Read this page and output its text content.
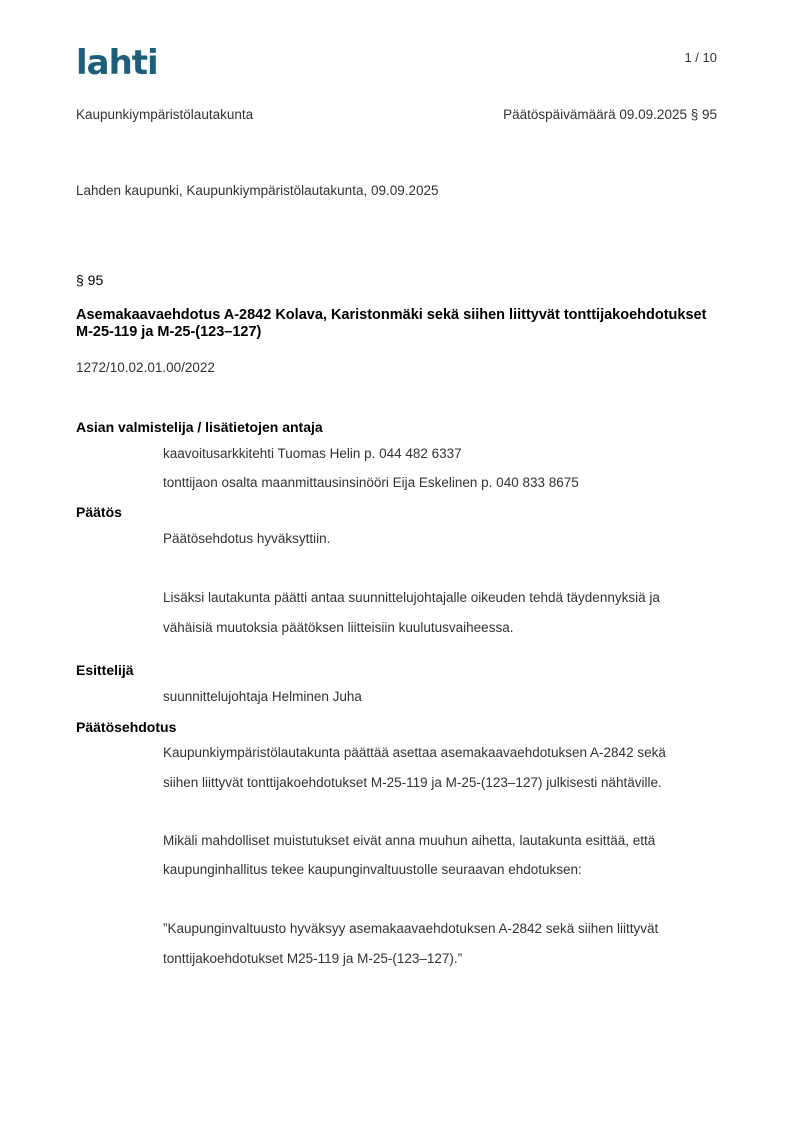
lahti	1 / 10
Kaupunkiympäristölautakunta	Päätöspäivämäärä 09.09.2025 § 95
Lahden kaupunki, Kaupunkiympäristölautakunta, 09.09.2025
§ 95
Asemakaavaehdotus A-2842 Kolava, Karistonmäki sekä siihen liittyvät tonttijakoehdotukset M-25-119 ja M-25-(123–127)
1272/10.02.01.00/2022
Asian valmistelija / lisätietojen antaja
kaavoitusarkkitehti Tuomas Helin p. 044 482 6337
tonttijaon osalta maanmittausinsinööri Eija Eskelinen p. 040 833 8675
Päätös
Päätösehdotus hyväksyttiin.
Lisäksi lautakunta päätti antaa suunnittelujohtajalle oikeuden tehdä täydennyksiä ja
vähäisiä muutoksia päätöksen liitteisiin kuulutusvaiheessa.
Esittelijä
suunnittelujohtaja Helminen Juha
Päätösehdotus
Kaupunkiympäristölautakunta päättää asettaa asemakaavaehdotuksen A-2842 sekä
siihen liittyvät tonttijakoehdotukset M-25-119 ja M-25-(123–127) julkisesti nähtäville.
Mikäli mahdolliset muistutukset eivät anna muuhun aihetta, lautakunta esittää, että
kaupunginhallitus tekee kaupunginvaltuustolle seuraavan ehdotuksen:
”Kaupunginvaltuusto hyväksyy asemakaavaehdotuksen A-2842 sekä siihen liittyvät
tonttijakoehdotukset M25-119 ja M-25-(123–127).”
